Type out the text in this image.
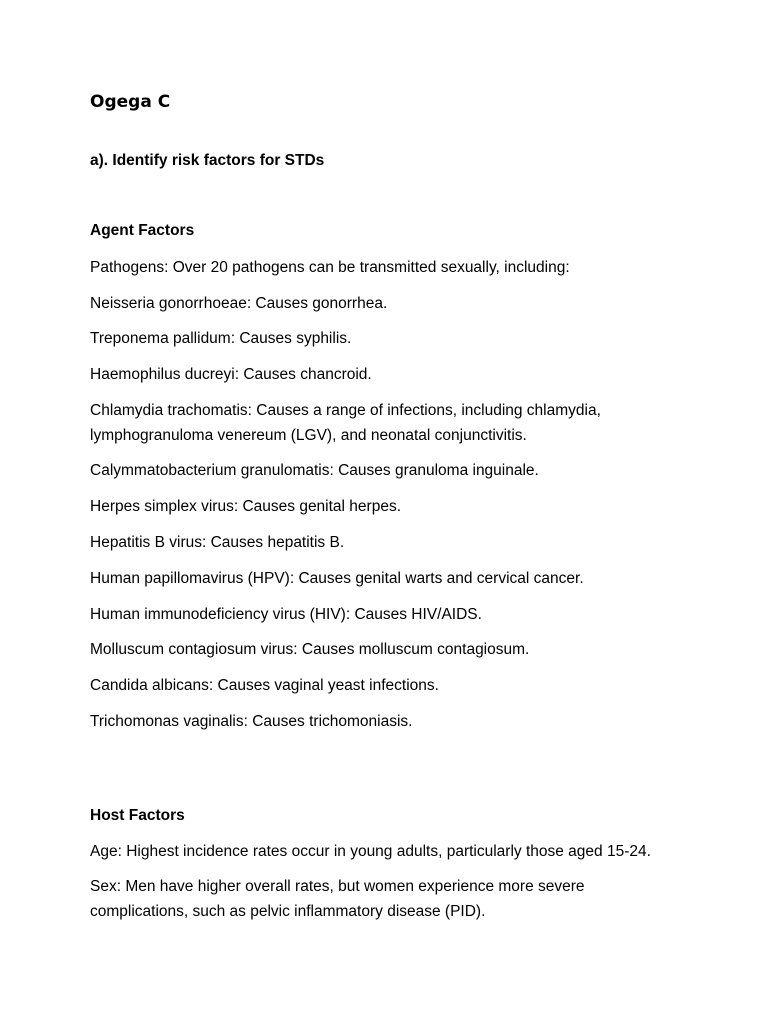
Ogega C

a). Identify risk factors for STDs

Agent Factors

Pathogens: Over 20 pathogens can be transmitted sexually, including:

Neisseria gonorrhoeae: Causes gonorrhea.

Treponema pallidum: Causes syphilis.

Haemophilus ducreyi: Causes chancroid.

Chlamydia trachomatis: Causes a range of infections, including chlamydia, lymphogranuloma venereum (LGV), and neonatal conjunctivitis.

Calymmatobacterium granulomatis: Causes granuloma inguinale.

Herpes simplex virus: Causes genital herpes.

Hepatitis B virus: Causes hepatitis B.

Human papillomavirus (HPV): Causes genital warts and cervical cancer.

Human immunodeficiency virus (HIV): Causes HIV/AIDS.

Molluscum contagiosum virus: Causes molluscum contagiosum.

Candida albicans: Causes vaginal yeast infections.

Trichomonas vaginalis: Causes trichomoniasis.

Host Factors

Age: Highest incidence rates occur in young adults, particularly those aged 15-24.

Sex: Men have higher overall rates, but women experience more severe complications, such as pelvic inflammatory disease (PID).
